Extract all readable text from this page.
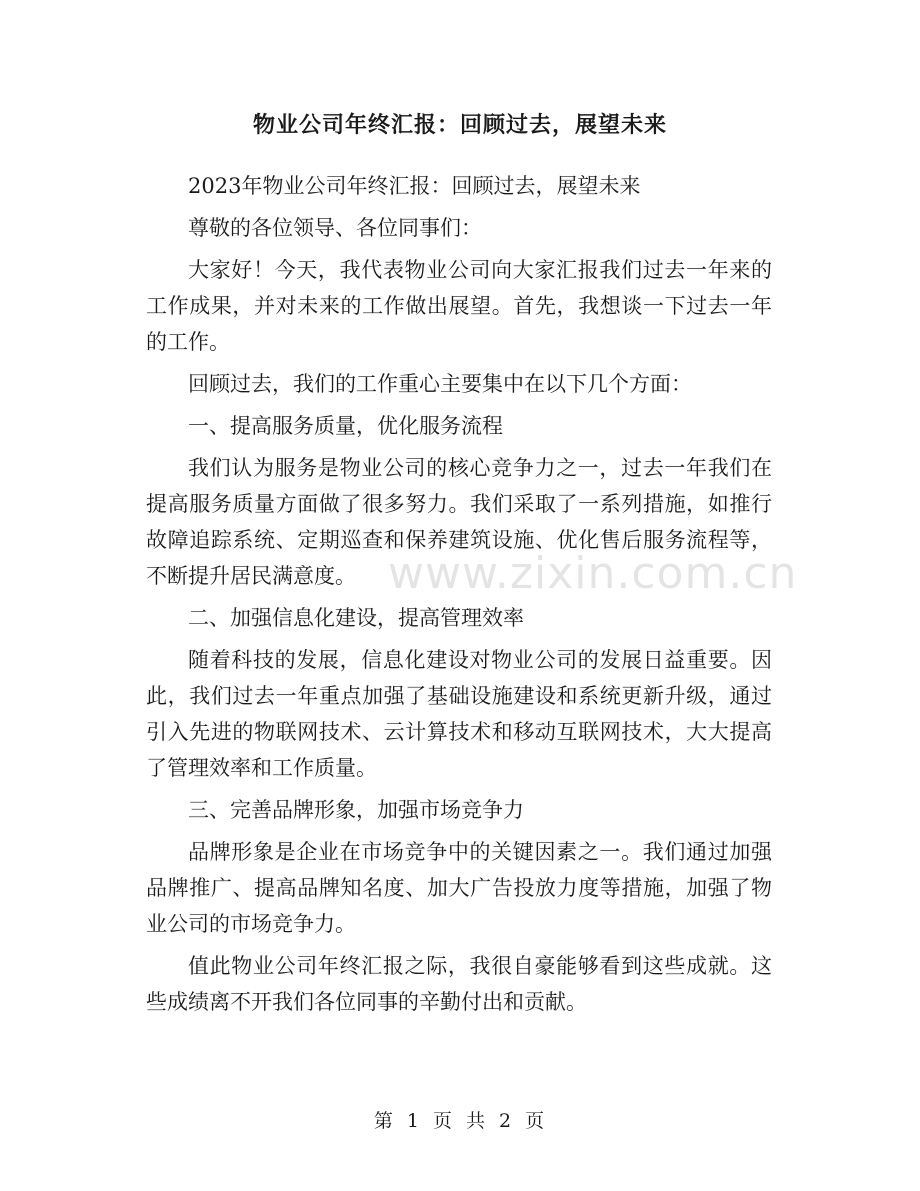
物业公司年终汇报：回顾过去，展望未来

2023年物业公司年终汇报：回顾过去，展望未来

尊敬的各位领导、各位同事们：

大家好！今天，我代表物业公司向大家汇报我们过去一年来的工作成果，并对未来的工作做出展望。首先，我想谈一下过去一年的工作。

回顾过去，我们的工作重心主要集中在以下几个方面：

一、提高服务质量，优化服务流程

我们认为服务是物业公司的核心竞争力之一，过去一年我们在提高服务质量方面做了很多努力。我们采取了一系列措施，如推行故障追踪系统、定期巡查和保养建筑设施、优化售后服务流程等，不断提升居民满意度。

二、加强信息化建设，提高管理效率

随着科技的发展，信息化建设对物业公司的发展日益重要。因此，我们过去一年重点加强了基础设施建设和系统更新升级，通过引入先进的物联网技术、云计算技术和移动互联网技术，大大提高了管理效率和工作质量。

三、完善品牌形象，加强市场竞争力

品牌形象是企业在市场竞争中的关键因素之一。我们通过加强品牌推广、提高品牌知名度、加大广告投放力度等措施，加强了物业公司的市场竞争力。

值此物业公司年终汇报之际，我很自豪能够看到这些成就。这些成绩离不开我们各位同事的辛勤付出和贡献。

www.zixin.com.cn
第 1 页 共 2 页
